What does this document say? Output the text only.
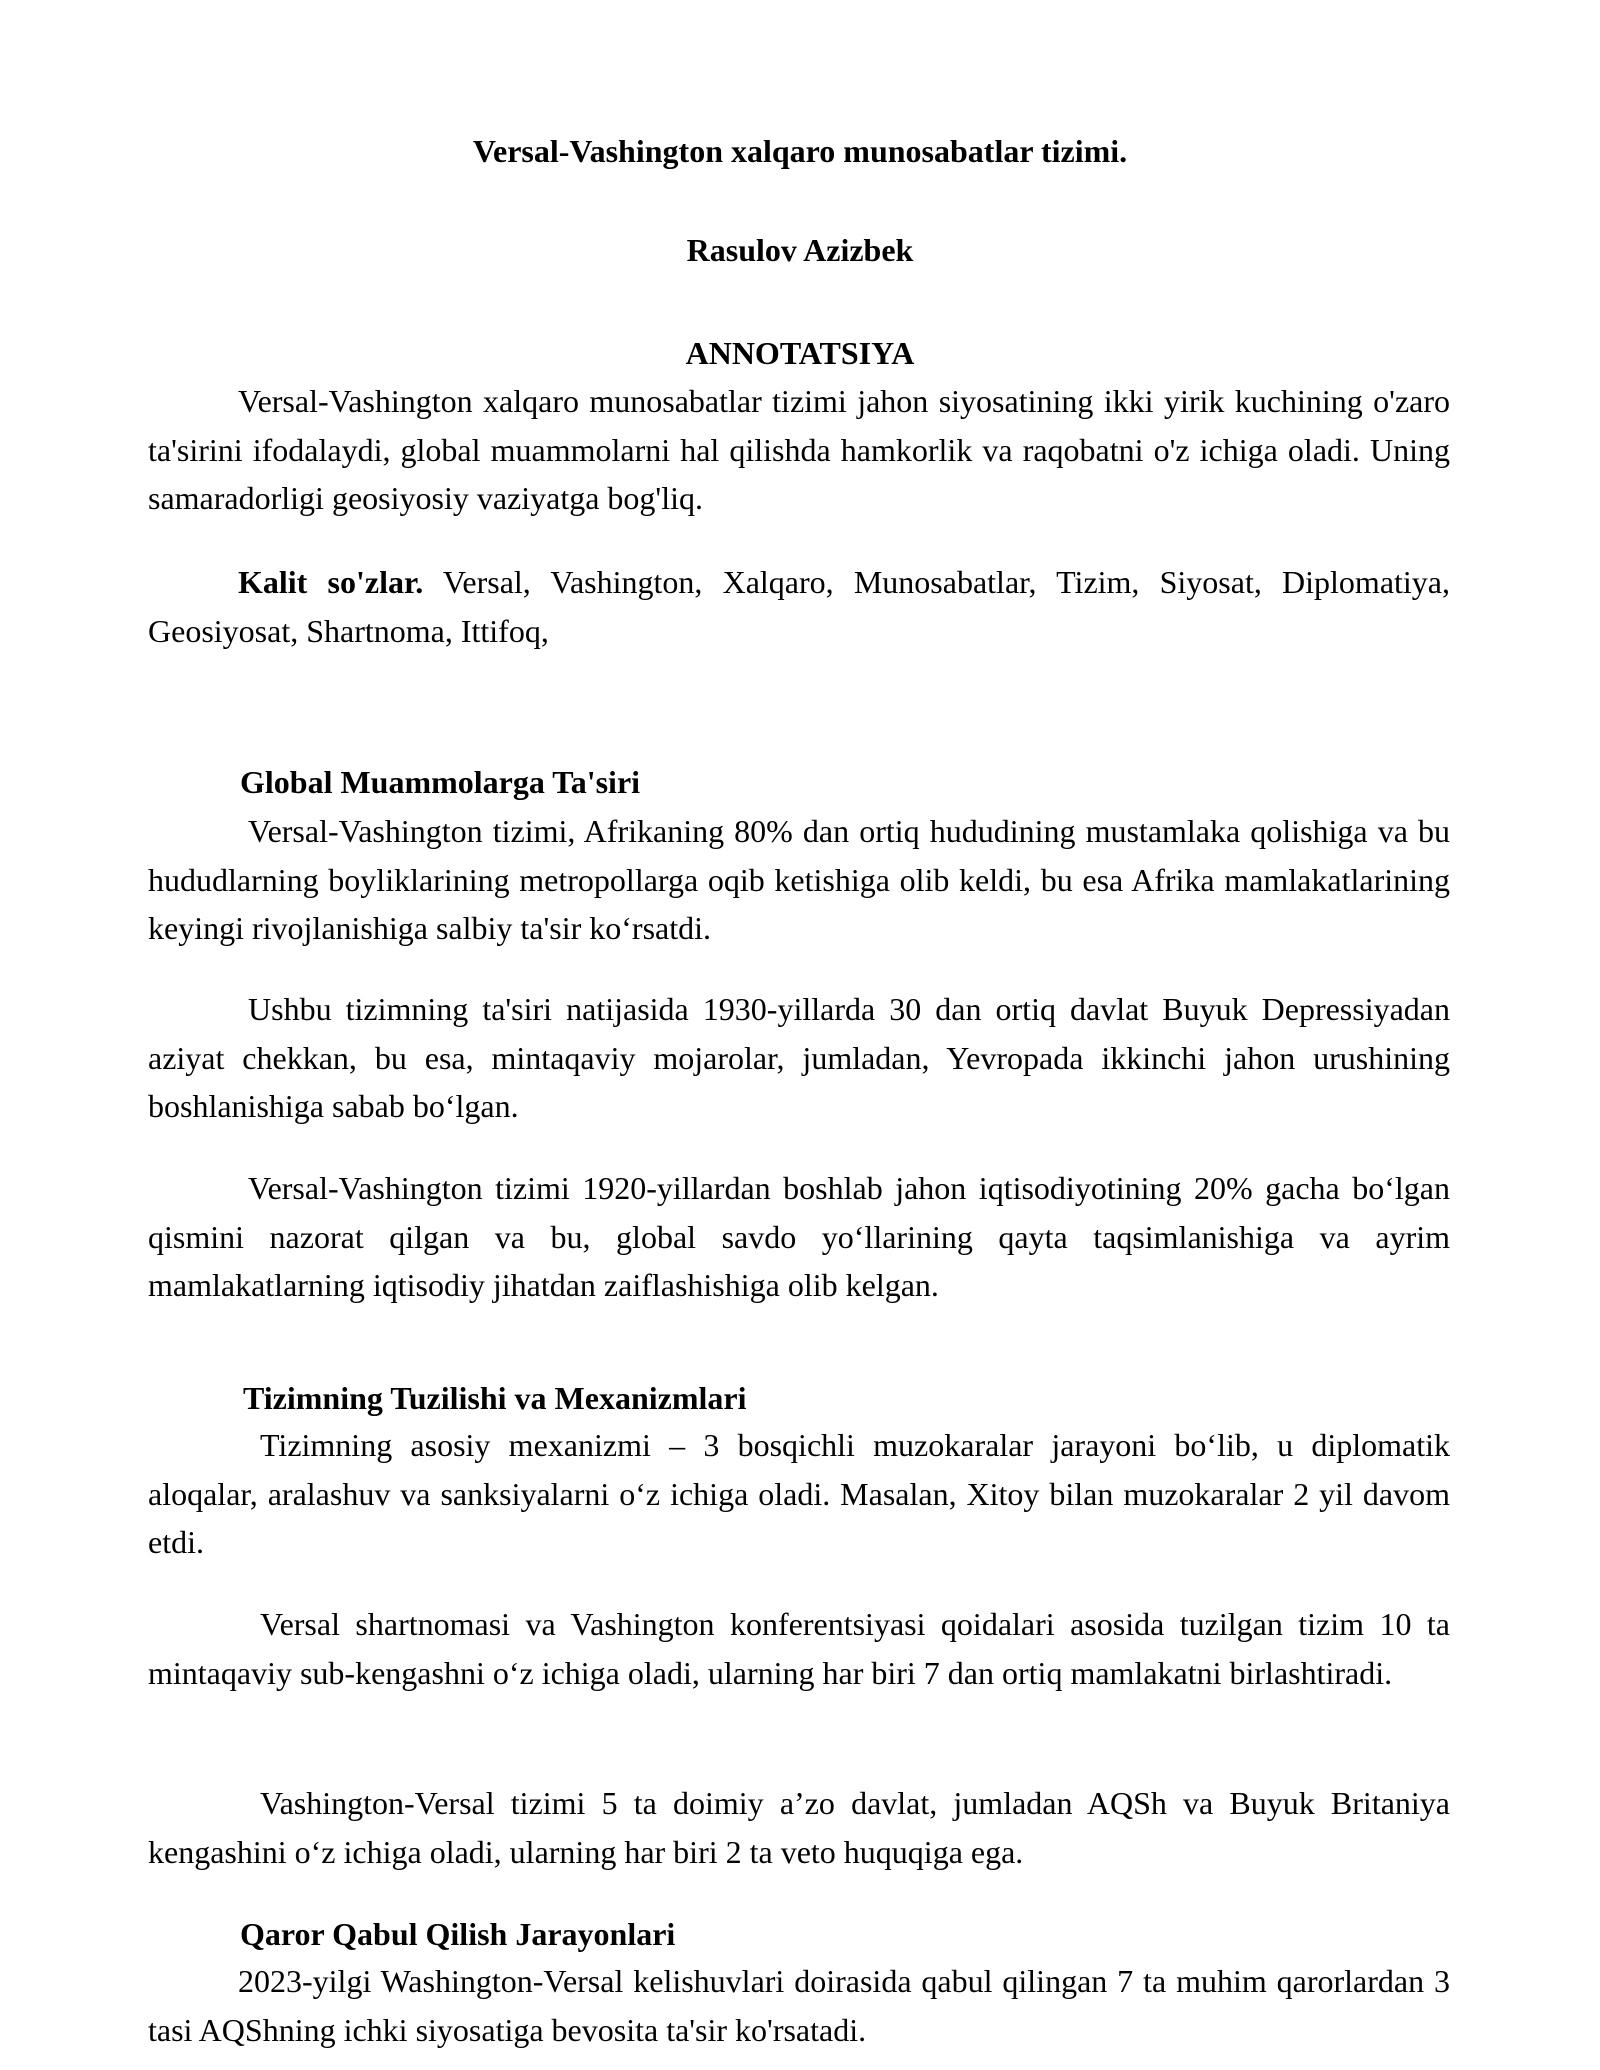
Versal-Vashington xalqaro munosabatlar tizimi.
Rasulov Azizbek
ANNOTATSIYA

Versal-Vashington xalqaro munosabatlar tizimi jahon siyosatining ikki yirik kuchining o'zaro ta'sirini ifodalaydi, global muammolarni hal qilishda hamkorlik va raqobatni o'z ichiga oladi. Uning samaradorligi geosiyosiy vaziyatga bog'liq.

Kalit so'zlar. Versal, Vashington, Xalqaro, Munosabatlar, Tizim, Siyosat, Diplomatiya, Geosiyosat, Shartnoma, Ittifoq,

Global Muammolarga Ta'siri

Versal-Vashington tizimi, Afrikaning 80% dan ortiq hududining mustamlaka qolishiga va bu hududlarning boyliklarining metropollarga oqib ketishiga olib keldi, bu esa Afrika mamlakatlarining keyingi rivojlanishiga salbiy ta'sir ko‘rsatdi.

Ushbu tizimning ta'siri natijasida 1930-yillarda 30 dan ortiq davlat Buyuk Depressiyadan aziyat chekkan, bu esa, mintaqaviy mojarolar, jumladan, Yevropada ikkinchi jahon urushining boshlanishiga sabab bo‘lgan.

Versal-Vashington tizimi 1920-yillardan boshlab jahon iqtisodiyotining 20% gacha bo‘lgan qismini nazorat qilgan va bu, global savdo yo‘llarining qayta taqsimlanishiga va ayrim mamlakatlarning iqtisodiy jihatdan zaiflashishiga olib kelgan.

Tizimning Tuzilishi va Mexanizmlari

Tizimning asosiy mexanizmi – 3 bosqichli muzokaralar jarayoni bo‘lib, u diplomatik aloqalar, aralashuv va sanksiyalarni o‘z ichiga oladi. Masalan, Xitoy bilan muzokaralar 2 yil davom etdi.

Versal shartnomasi va Vashington konferentsiyasi qoidalari asosida tuzilgan tizim 10 ta mintaqaviy sub-kengashni o‘z ichiga oladi, ularning har biri 7 dan ortiq mamlakatni birlashtiradi.

Vashington-Versal tizimi 5 ta doimiy a’zo davlat, jumladan AQSh va Buyuk Britaniya kengashini o‘z ichiga oladi, ularning har biri 2 ta veto huquqiga ega.

Qaror Qabul Qilish Jarayonlari

2023-yilgi Washington-Versal kelishuvlari doirasida qabul qilingan 7 ta muhim qarorlardan 3 tasi AQShning ichki siyosatiga bevosita ta'sir ko'rsatadi.
